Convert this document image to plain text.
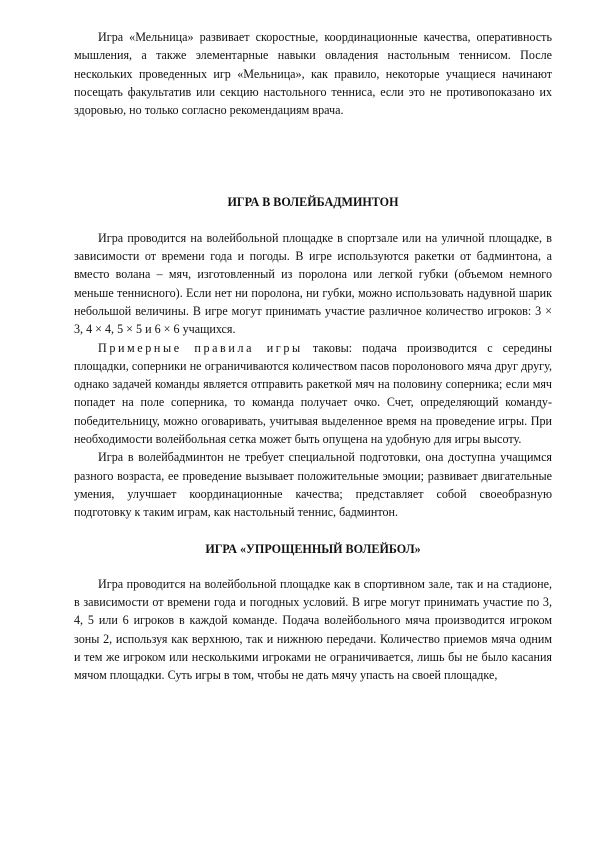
Игра «Мельница» развивает скоростные, координационные качества, оперативность мышления, а также элементарные навыки овладения настольным теннисом. После нескольких проведенных игр «Мельница», как правило, некоторые учащиеся начинают посещать факультатив или секцию настольного тенниса, если это не противопоказано их здоровью, но только согласно рекомендациям врача.

ИГРА В ВОЛЕЙБАДМИНТОН

Игра проводится на волейбольной площадке в спортзале или на уличной площадке, в зависимости от времени года и погоды. В игре используются ракетки от бадминтона, а вместо волана – мяч, изготовленный из поролона или легкой губки (объемом немного меньше теннисного). Если нет ни поролона, ни губки, можно использовать надувной шарик небольшой величины. В игре могут принимать участие различное количество игроков: 3 × 3, 4 × 4, 5 × 5 и 6 × 6 учащихся.

Примерные правила игры таковы: подача производится с середины площадки, соперники не ограничиваются количеством пасов поролонового мяча друг другу, однако задачей команды является отправить ракеткой мяч на половину соперника; если мяч попадет на поле соперника, то команда получает очко. Счет, определяющий команду-победительницу, можно оговаривать, учитывая выделенное время на проведение игры. При необходимости волейбольная сетка может быть опущена на удобную для игры высоту.

Игра в волейбадминтон не требует специальной подготовки, она доступна учащимся разного возраста, ее проведение вызывает положительные эмоции; развивает двигательные умения, улучшает координационные качества; представляет собой своеобразную подготовку к таким играм, как настольный теннис, бадминтон.

ИГРА «УПРОЩЕННЫЙ ВОЛЕЙБОЛ»

Игра проводится на волейбольной площадке как в спортивном зале, так и на стадионе, в зависимости от времени года и погодных условий. В игре могут принимать участие по 3, 4, 5 или 6 игроков в каждой команде. Подача волейбольного мяча производится игроком зоны 2, используя как верхнюю, так и нижнюю передачи. Количество приемов мяча одним и тем же игроком или несколькими игроками не ограничивается, лишь бы не было касания мячом площадки. Суть игры в том, чтобы не дать мячу упасть на своей площадке,
